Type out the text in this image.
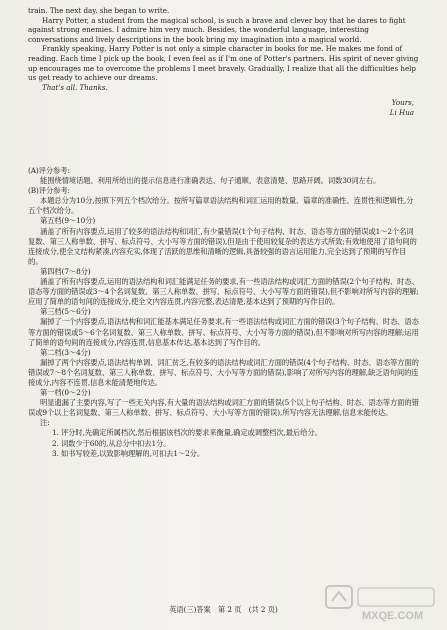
train. The next day, she began to write.

Harry Potter, a student from the magical school, is such a brave and clever boy that he dares to fight against strong enemies. I admire him very much. Besides, the wonderful language, interesting conversations and lively descriptions in the book bring my imagination into a magical world.

Frankly speaking, Harry Potter is not only a simple character in books for me. He makes me fond of reading. Each time I pick up the book, I even feel as if I'm one of Potter's partners. His spirit of never giving up encourages me to overcome the problems I meet bravely. Gradually, I realize that all the difficulties help us get ready to achieve our dreams.

That's all. Thanks.

Yours,

Li Hua

(A)评分参考:

能围绕情境话题、利用所给出的提示信息进行准确表达、句子通顺、表意清楚、思路开阔。词数30词左右。

(B)评分参考:

本题总分为10分,按照下列五个档次给分。按所写篇章语法结构和词汇运用的数量、篇章的准确性、连贯性和逻辑性,分五个档次给分。

第五档(9～10分)

涵盖了所有内容要点,运用了较多的语法结构和词汇,有少量错误(1个句子结构、时态、语态等方面的错误或1～2个名词复数、第三人称单数、拼写、标点符号、大小写等方面的错误),但是由于使用较复杂的表达方式所致;有效地使用了语句间的连接成分,使全文结构紧凑,内容充实,体现了活跃的思维和清晰的逻辑,具备较强的语言运用能力,完全达到了预期的写作目的。

第四档(7～8分)

涵盖了所有内容要点,运用的语法结构和词汇能满足任务的要求,有一些语法结构或词汇方面的错误(2个句子结构、时态、语态等方面的错误或3～4个名词复数、第三人称单数、拼写、标点符号、大小写等方面的错误),但不影响对所写内容的理解;应用了简单的语句间的连接成分,使全文内容连贯,内容完整,表达清楚,基本达到了预期的写作目的。

第三档(5～6分)

漏掉了一个内容要点,语法结构和词汇能基本满足任务要求,有一些语法结构或词汇方面的错误(3个句子结构、时态、语态等方面的错误或5～6个名词复数、第三人称单数、拼写、标点符号、大小写等方面的错误),但不影响对所写内容的理解;运用了简单的语句间的连接成分,内容连贯,信息基本传达,基本达到了写作目的。

第二档(3～4分)

漏掉了两个内容要点,语法结构单调、词汇贫乏,有较多的语法结构或词汇方面的错误(4个句子结构、时态、语态等方面的错误或7～8个名词复数、第三人称单数、拼写、标点符号、大小写等方面的错误),影响了对所写内容的理解,缺乏语句间的连接成分,内容不连贯,信息未能清楚地传达。

第一档(0～2分)

明显遗漏了主要内容,写了一些无关内容,有大量的语法结构或词汇方面的错误(5个以上句子结构、时态、语态等方面的错误或9个以上名词复数、第三人称单数、拼写、标点符号、大小写等方面的错误),所写内容无法理解,信息未能传达。

注:

1. 评分时,先确定所属档次,然后根据该档次的要求来衡量,确定或调整档次,最后给分。

2. 词数少于60的,从总分中扣去1分。

3. 如书写较差,以致影响理解的,可扣去1～2分。

MXQE.COM
英语(三)答案　第 2 页　(共 2 页)
